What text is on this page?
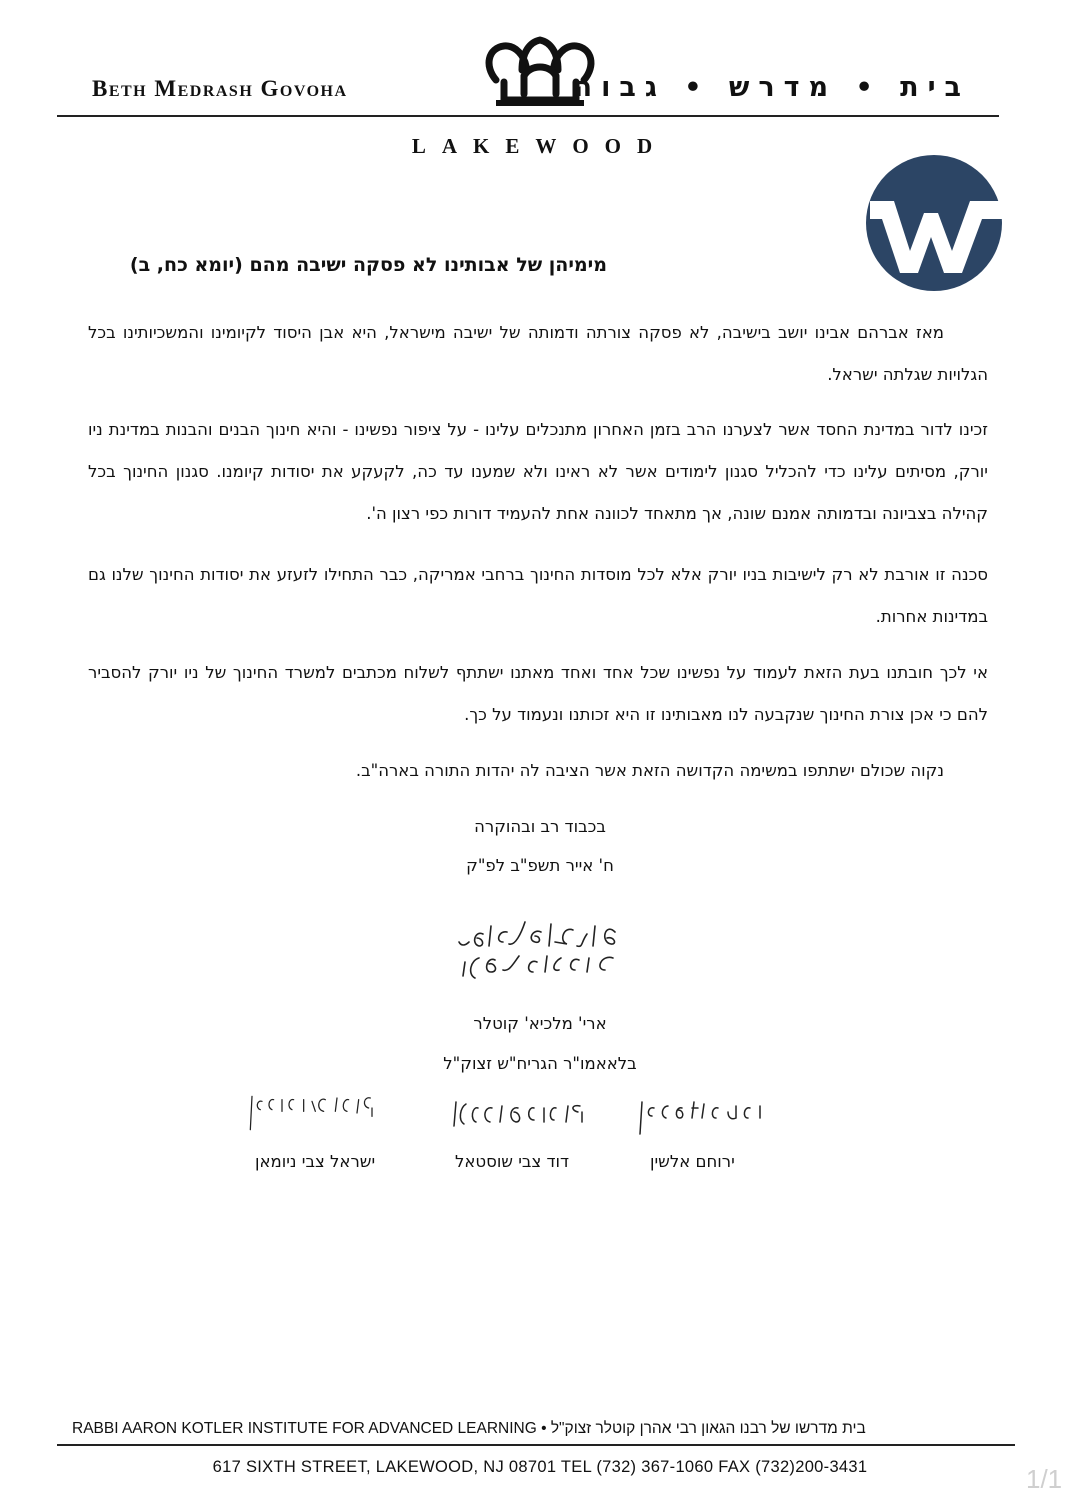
Beth Medrash Govoha	בית • מדרש • גבוה
LAKEWOOD
מימיהן של אבותינו לא פסקה ישיבה מהם (יומא כח, ב)
מאז אברהם אבינו יושב בישיבה, לא פסקה צורתה ודמותה של ישיבה מישראל, היא אבן היסוד לקיומינו והמשכיותינו בכל הגלויות שגלתה ישראל.
זכינו לדור במדינת החסד אשר לצערנו הרב בזמן האחרון מתנכלים עלינו - על ציפור נפשינו - והיא חינוך הבנים והבנות במדינת ניו יורק, מסיתים עלינו כדי להכליל סגנון לימודים אשר לא ראינו ולא שמענו עד כה, לקעקע את יסודות קיומנו. סגנון החינוך בכל קהילה בצביונה ובדמותה אמנם שונה, אך מתאחד לכוונה אחת להעמיד דורות כפי רצון ה'.
סכנה זו אורבת לא רק לישיבות בניו יורק אלא לכל מוסדות החינוך ברחבי אמריקה, כבר התחילו לזעזע את יסודות החינוך שלנו גם במדינות אחרות.
אי לכך חובתנו בעת הזאת לעמוד על נפשינו שכל אחד ואחד מאתנו ישתתף לשלוח מכתבים למשרד החינוך של ניו יורק להסביר להם כי אכן צורת החינוך שנקבעה לנו מאבותינו זו היא זכותנו ונעמוד על כך.
נקוה שכולם ישתתפו במשימה הקדושה הזאת אשר הציבה לה יהדות התורה בארה"ב.
בכבוד רב ובהוקרה
ח' אייר תשפ"ב לפ"ק
ארי' מלכיא' קוטלר
בלאאמו"ר הגריח"ש זצוק"ל
ירוחם אלשין
דוד צבי שוסטאל
ישראל צבי ניומאן
RABBI AARON KOTLER INSTITUTE FOR ADVANCED LEARNING • בית מדרשו של רבנו הגאון רבי אהרן קוטלר זצוק"ל
617 SIXTH STREET, LAKEWOOD, NJ 08701 TEL (732) 367-1060 FAX (732)200-3431	1/1
